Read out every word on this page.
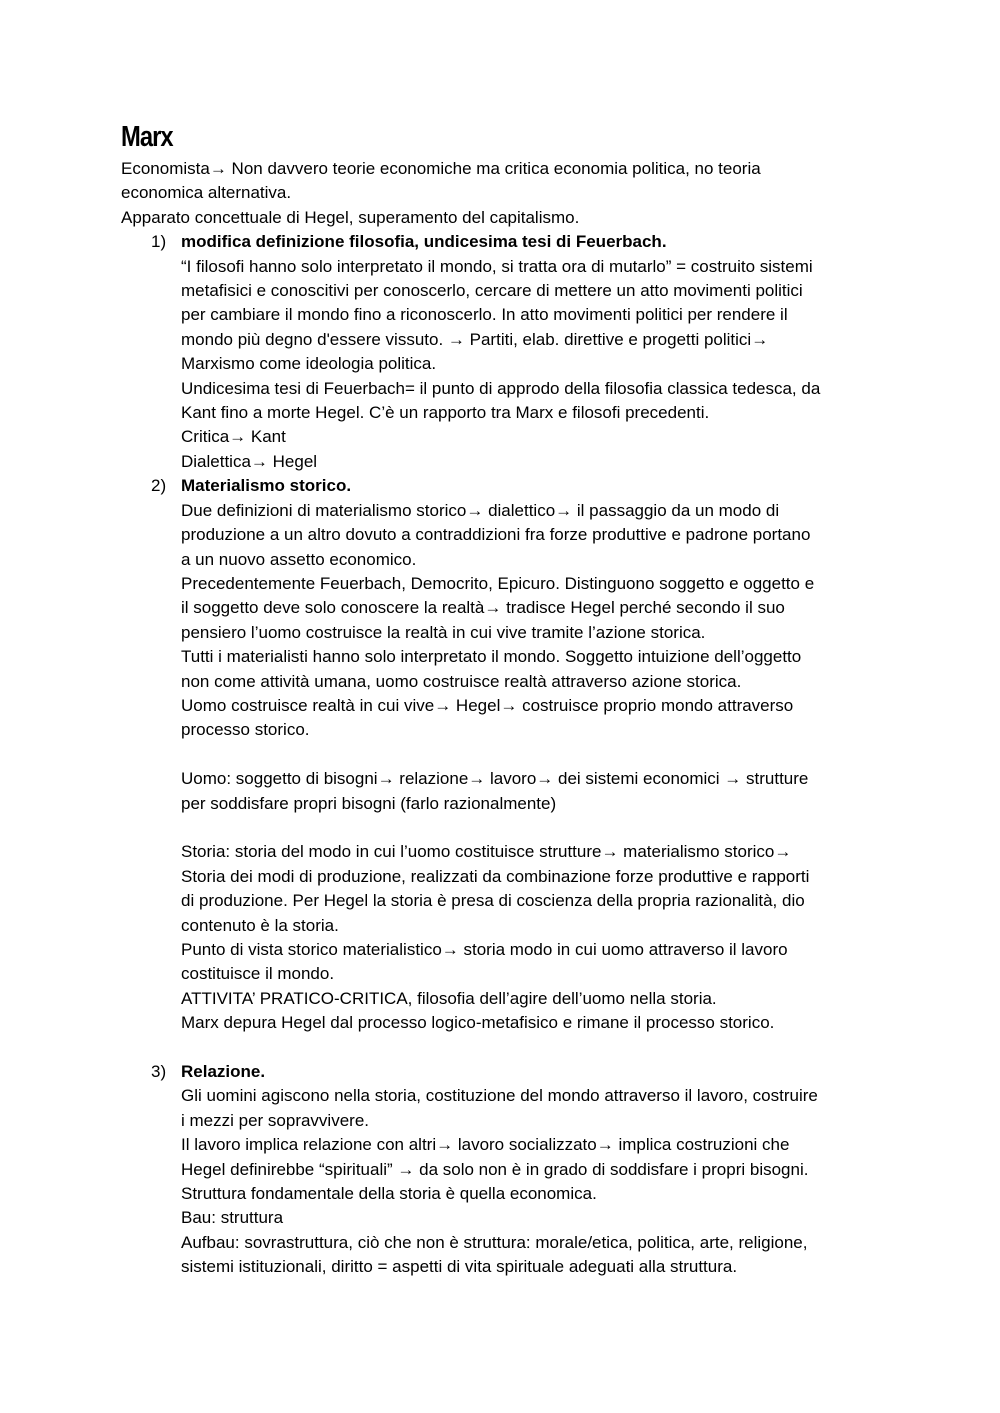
Marx

Economista→ Non davvero teorie economiche ma critica economia politica, no teoria

economica alternativa.

Apparato concettuale di Hegel, superamento del capitalismo.

1) modifica definizione filosofia, undicesima tesi di Feuerbach.

“I filosofi hanno solo interpretato il mondo, si tratta ora di mutarlo” = costruito sistemi

metafisici e conoscitivi per conoscerlo, cercare di mettere un atto movimenti politici

per cambiare il mondo fino a riconoscerlo. In atto movimenti politici per rendere il

mondo più degno d'essere vissuto. → Partiti, elab. direttive e progetti politici→

Marxismo come ideologia politica.

Undicesima tesi di Feuerbach= il punto di approdo della filosofia classica tedesca, da

Kant fino a morte Hegel. C’è un rapporto tra Marx e filosofi precedenti.

Critica→ Kant

Dialettica→ Hegel

2) Materialismo storico.

Due definizioni di materialismo storico→ dialettico→ il passaggio da un modo di

produzione a un altro dovuto a contraddizioni fra forze produttive e padrone portano

a un nuovo assetto economico.

Precedentemente Feuerbach, Democrito, Epicuro. Distinguono soggetto e oggetto e

il soggetto deve solo conoscere la realtà→ tradisce Hegel perché secondo il suo

pensiero l’uomo costruisce la realtà in cui vive tramite l’azione storica.

Tutti i materialisti hanno solo interpretato il mondo. Soggetto intuizione dell’oggetto

non come attività umana, uomo costruisce realtà attraverso azione storica.

Uomo costruisce realtà in cui vive→ Hegel→ costruisce proprio mondo attraverso

processo storico.

Uomo: soggetto di bisogni→ relazione→ lavoro→ dei sistemi economici → strutture

per soddisfare propri bisogni (farlo razionalmente)

Storia: storia del modo in cui l’uomo costituisce strutture→ materialismo storico→

Storia dei modi di produzione, realizzati da combinazione forze produttive e rapporti

di produzione. Per Hegel la storia è presa di coscienza della propria razionalità, dio

contenuto è la storia.

Punto di vista storico materialistico→ storia modo in cui uomo attraverso il lavoro

costituisce il mondo.

ATTIVITA’ PRATICO-CRITICA, filosofia dell’agire dell’uomo nella storia.

Marx depura Hegel dal processo logico-metafisico e rimane il processo storico.

3) Relazione.

Gli uomini agiscono nella storia, costituzione del mondo attraverso il lavoro, costruire

i mezzi per sopravvivere.

Il lavoro implica relazione con altri→ lavoro socializzato→ implica costruzioni che

Hegel definirebbe “spirituali” → da solo non è in grado di soddisfare i propri bisogni.

Struttura fondamentale della storia è quella economica.

Bau: struttura

Aufbau: sovrastruttura, ciò che non è struttura: morale/etica, politica, arte, religione,

sistemi istituzionali, diritto = aspetti di vita spirituale adeguati alla struttura.
